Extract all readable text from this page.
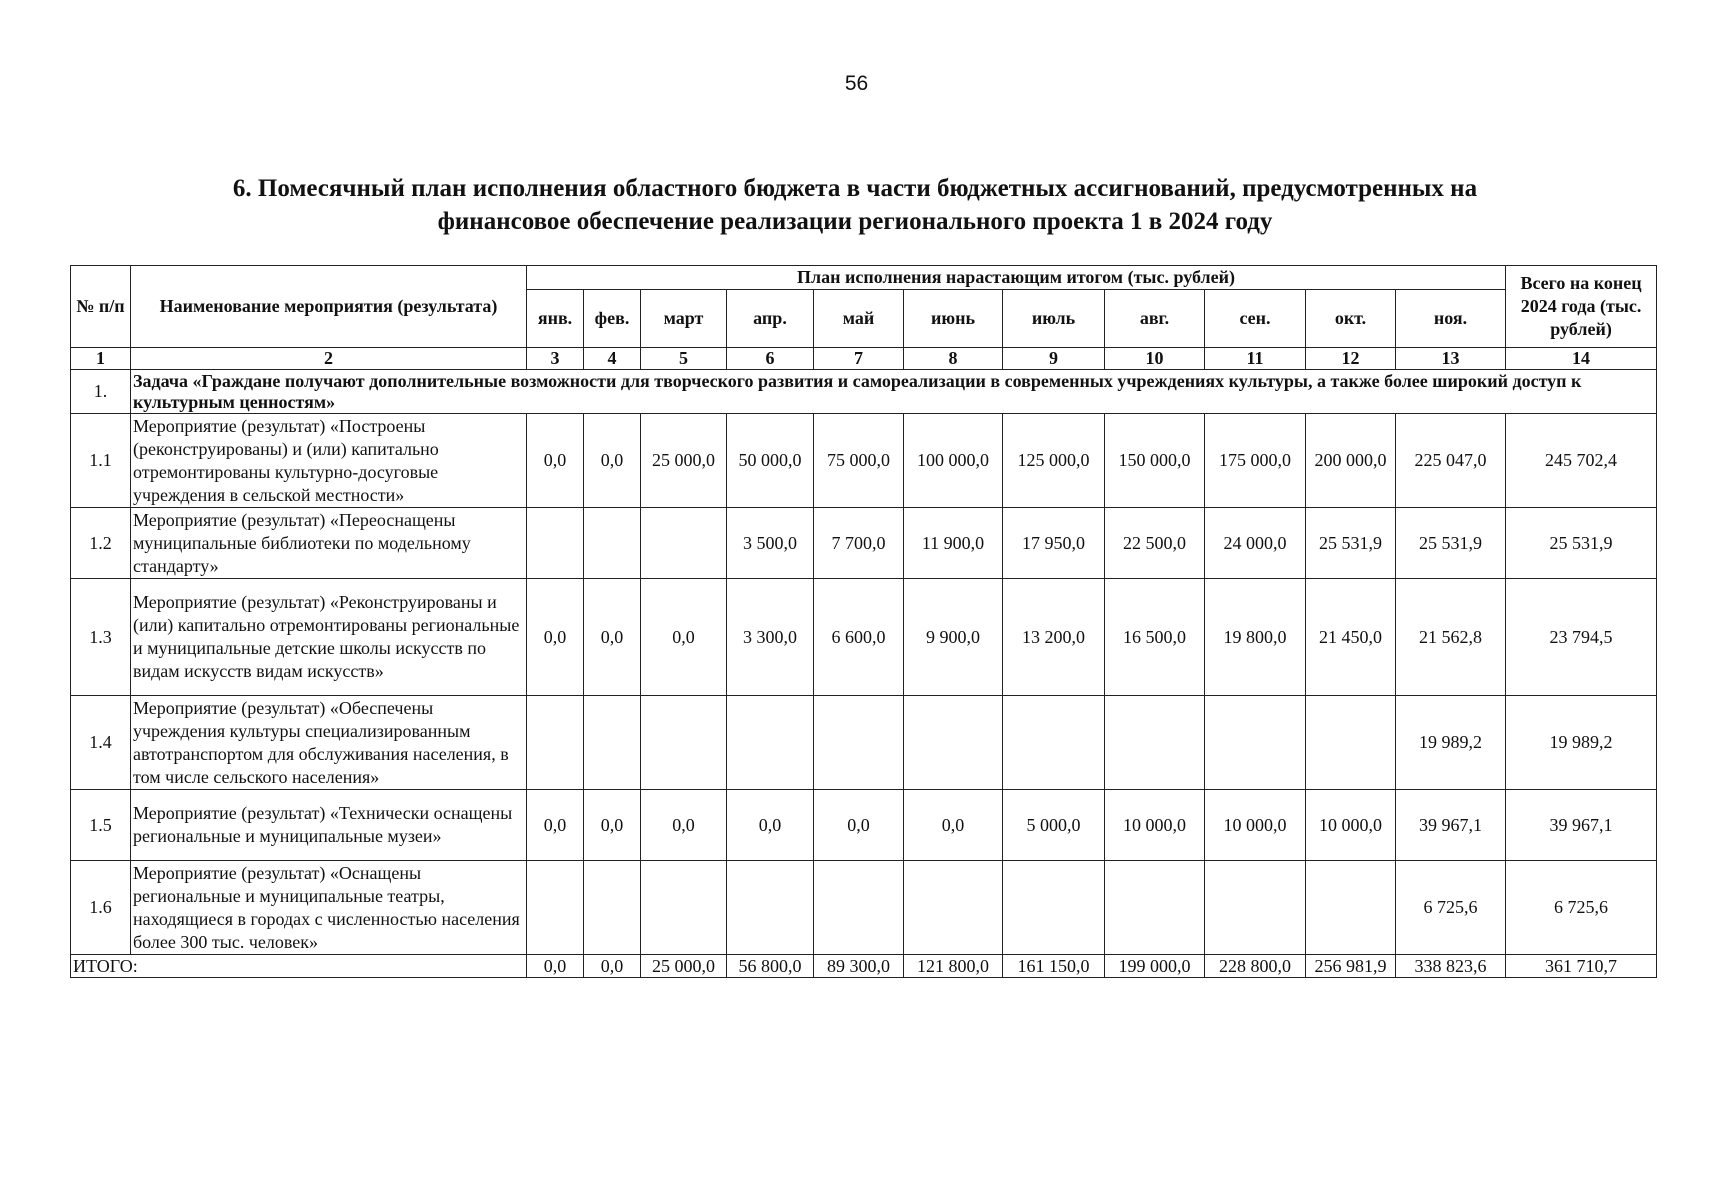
56
6. Помесячный план исполнения областного бюджета в части бюджетных ассигнований, предусмотренных на
финансовое обеспечение реализации регионального проекта 1 в 2024 году
№ п/п	Наименование мероприятия (результата)	План исполнения нарастающим итогом (тыс. рублей)											Всего на конец 2024 года (тыс. рублей)
		янв.	фев.	март	апр.	май	июнь	июль	авг.	сен.	окт.	ноя.	
1	2	3	4	5	6	7	8	9	10	11	12	13	14
1.	Задача «Граждане получают дополнительные возможности для творческого развития и самореализации в современных учреждениях культуры, а также более широкий доступ к культурным ценностям»												
1.1	Мероприятие (результат) «Построены (реконструированы) и (или) капитально отремонтированы культурно-досуговые учреждения в сельской местности»	0,0	0,0	25 000,0	50 000,0	75 000,0	100 000,0	125 000,0	150 000,0	175 000,0	200 000,0	225 047,0	245 702,4
1.2	Мероприятие (результат) «Переоснащены муниципальные библиотеки по модельному стандарту»				3 500,0	7 700,0	11 900,0	17 950,0	22 500,0	24 000,0	25 531,9	25 531,9	25 531,9
1.3	Мероприятие (результат) «Реконструированы и (или) капитально отремонтированы региональные и муниципальные детские школы искусств по видам искусств видам искусств»	0,0	0,0	0,0	3 300,0	6 600,0	9 900,0	13 200,0	16 500,0	19 800,0	21 450,0	21 562,8	23 794,5
1.4	Мероприятие (результат) «Обеспечены учреждения культуры специализированным автотранспортом для обслуживания населения, в том числе сельского населения»											19 989,2	19 989,2
1.5	Мероприятие (результат) «Технически оснащены региональные и муниципальные музеи»	0,0	0,0	0,0	0,0	0,0	0,0	5 000,0	10 000,0	10 000,0	10 000,0	39 967,1	39 967,1
1.6	Мероприятие (результат) «Оснащены региональные и муниципальные театры, находящиеся в городах с численностью населения более 300 тыс. человек»											6 725,6	6 725,6
ИТОГО:		0,0	0,0	25 000,0	56 800,0	89 300,0	121 800,0	161 150,0	199 000,0	228 800,0	256 981,9	338 823,6	361 710,7
